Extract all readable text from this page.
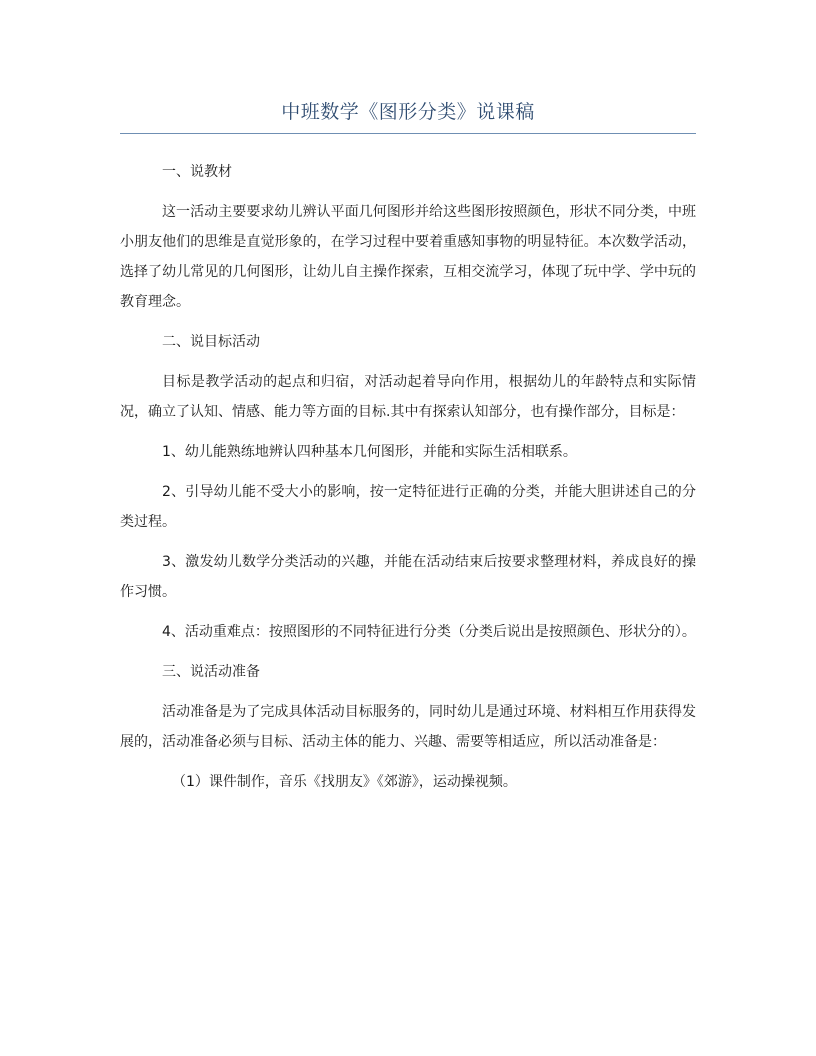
中班数学《图形分类》说课稿

一、说教材

这一活动主要要求幼儿辨认平面几何图形并给这些图形按照颜色，形状不同分类，中班小朋友他们的思维是直觉形象的，在学习过程中要着重感知事物的明显特征。本次数学活动，选择了幼儿常见的几何图形，让幼儿自主操作探索，互相交流学习，体现了玩中学、学中玩的教育理念。

二、说目标活动

目标是教学活动的起点和归宿，对活动起着导向作用，根据幼儿的年龄特点和实际情况，确立了认知、情感、能力等方面的目标.其中有探索认知部分，也有操作部分，目标是：

1、幼儿能熟练地辨认四种基本几何图形，并能和实际生活相联系。

2、引导幼儿能不受大小的影响，按一定特征进行正确的分类，并能大胆讲述自己的分类过程。

3、激发幼儿数学分类活动的兴趣，并能在活动结束后按要求整理材料，养成良好的操作习惯。

4、活动重难点：按照图形的不同特征进行分类（分类后说出是按照颜色、形状分的）。

三、说活动准备

活动准备是为了完成具体活动目标服务的，同时幼儿是通过环境、材料相互作用获得发展的，活动准备必须与目标、活动主体的能力、兴趣、需要等相适应，所以活动准备是：

（1）课件制作，音乐《找朋友》《郊游》，运动操视频。
